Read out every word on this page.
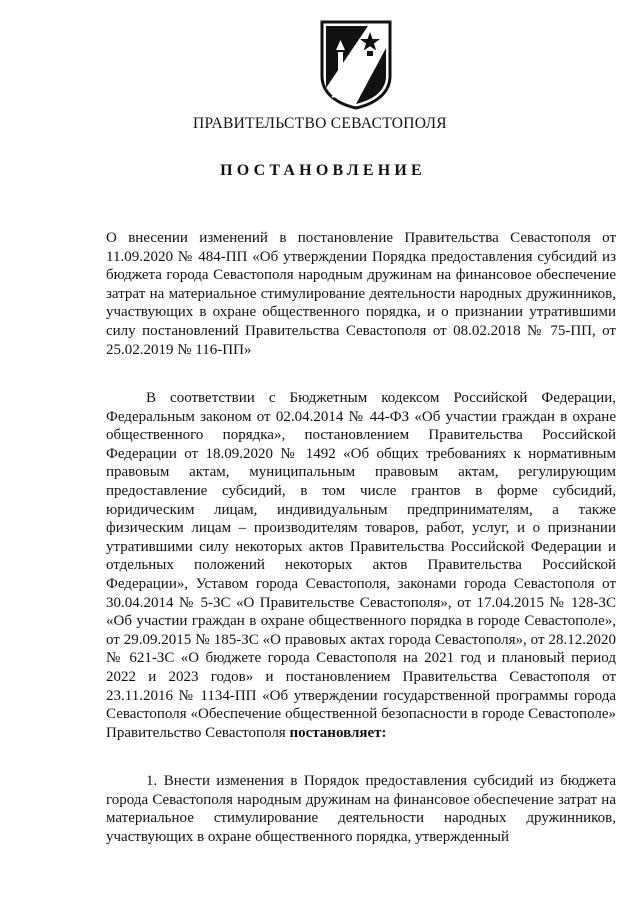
ПРАВИТЕЛЬСТВО СЕВАСТОПОЛЯ
ПОСТАНОВЛЕНИЕ
О внесении изменений в постановление Правительства Севастополя от 11.09.2020 № 484-ПП «Об утверждении Порядка предоставления субсидий из бюджета города Севастополя народным дружинам на финансовое обеспечение затрат на материальное стимулирование деятельности народных дружинников, участвующих в охране общественного порядка, и о признании утратившими силу постановлений Правительства Севастополя от 08.02.2018 № 75-ПП, от 25.02.2019 № 116-ПП»
В соответствии с Бюджетным кодексом Российской Федерации, Федеральным законом от 02.04.2014 № 44-ФЗ «Об участии граждан в охране общественного порядка», постановлением Правительства Российской Федерации от 18.09.2020 № 1492 «Об общих требованиях к нормативным правовым актам, муниципальным правовым актам, регулирующим предоставление субсидий, в том числе грантов в форме субсидий, юридическим лицам, индивидуальным предпринимателям, а также физическим лицам – производителям товаров, работ, услуг, и о признании утратившими силу некоторых актов Правительства Российской Федерации и отдельных положений некоторых актов Правительства Российской Федерации», Уставом города Севастополя, законами города Севастополя от 30.04.2014 № 5-ЗС «О Правительстве Севастополя», от 17.04.2015 № 128-ЗС «Об участии граждан в охране общественного порядка в городе Севастополе», от 29.09.2015 № 185-ЗС «О правовых актах города Севастополя», от 28.12.2020 № 621-ЗС «О бюджете города Севастополя на 2021 год и плановый период 2022 и 2023 годов» и постановлением Правительства Севастополя от 23.11.2016 № 1134-ПП «Об утверждении государственной программы города Севастополя «Обеспечение общественной безопасности в городе Севастополе» Правительство Севастополя постановляет:
1. Внести изменения в Порядок предоставления субсидий из бюджета города Севастополя народным дружинам на финансовое обеспечение затрат на материальное стимулирование деятельности народных дружинников, участвующих в охране общественного порядка, утвержденный
